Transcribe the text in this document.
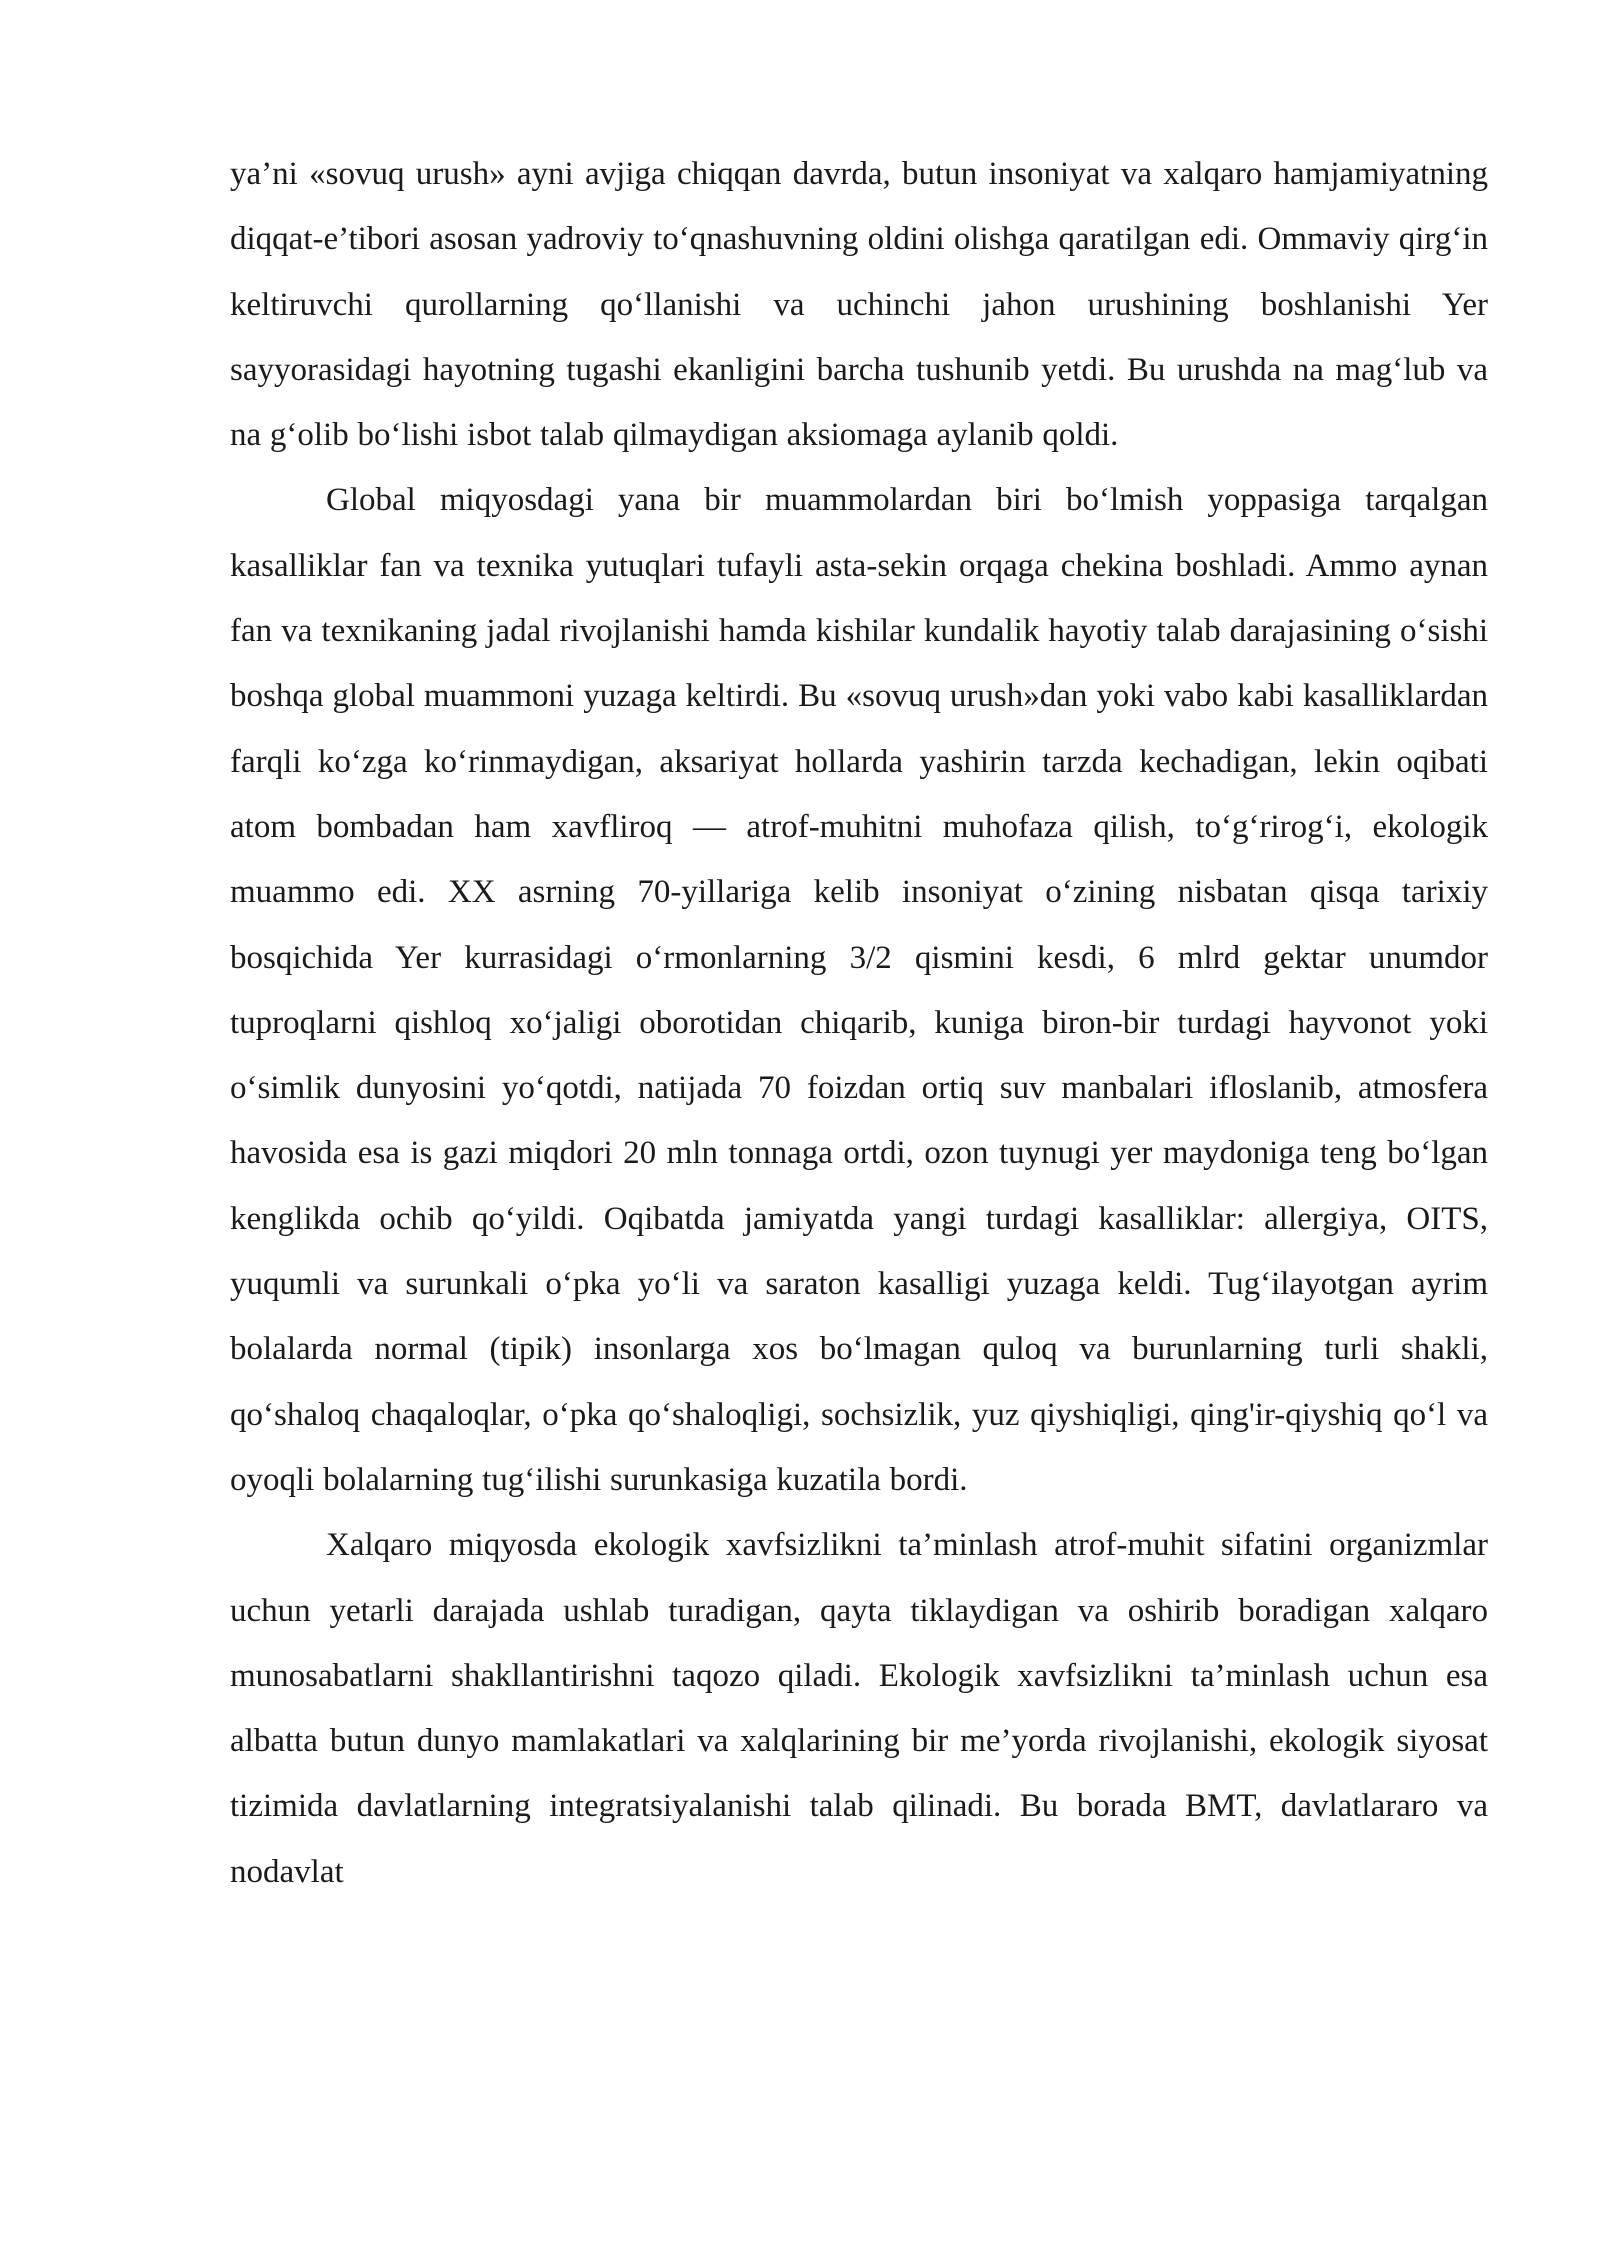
ya’ni «sovuq urush» ayni avjiga chiqqan davrda, butun insoniyat va xalqaro hamjamiyatning diqqat-e’tibori asosan yadroviy to‘qnashuvning oldini olishga qaratilgan edi. Ommaviy qirg‘in keltiruvchi qurollarning qo‘llanishi va uchinchi jahon urushining boshlanishi Yer sayyorasidagi hayotning tugashi ekanligini barcha tushunib yetdi. Bu urushda na mag‘lub va na g‘olib bo‘lishi isbot talab qilmaydigan aksiomaga aylanib qoldi.

Global miqyosdagi yana bir muammolardan biri bo‘lmish yoppasiga tarqalgan kasalliklar fan va texnika yutuqlari tufayli asta-sekin orqaga chekina boshladi. Ammo aynan fan va texnikaning jadal rivojlanishi hamda kishilar kundalik hayotiy talab darajasining o‘sishi boshqa global muammoni yuzaga keltirdi. Bu «sovuq urush»dan yoki vabo kabi kasalliklardan farqli ko‘zga ko‘rinmaydigan, aksariyat hollarda yashirin tarzda kechadigan, lekin oqibati atom bombadan ham xavfliroq — atrof-muhitni muhofaza qilish, to‘g‘rirog‘i, ekologik muammo edi. XX asrning 70-yillariga kelib insoniyat o‘zining nisbatan qisqa tarixiy bosqichida Yer kurrasidagi o‘rmonlarning 3/2 qismini kesdi, 6 mlrd gektar unumdor tuproqlarni qishloq xo‘jaligi oborotidan chiqarib, kuniga biron-bir turdagi hayvonot yoki o‘simlik dunyosini yo‘qotdi, natijada 70 foizdan ortiq suv manbalari ifloslanib, atmosfera havosida esa is gazi miqdori 20 mln tonnaga ortdi, ozon tuynugi yer maydoniga teng bo‘lgan kenglikda ochib qo‘yildi. Oqibatda jamiyatda yangi turdagi kasalliklar: allergiya, OITS, yuqumli va surunkali o‘pka yo‘li va saraton kasalligi yuzaga keldi. Tug‘ilayotgan ayrim bolalarda normal (tipik) insonlarga xos bo‘lmagan quloq va burunlarning turli shakli, qo‘shaloq chaqaloqlar, o‘pka qo‘shaloqligi, sochsizlik, yuz qiyshiqligi, qing'ir-qiyshiq qo‘l va oyoqli bolalarning tug‘ilishi surunkasiga kuzatila bordi.

Xalqaro miqyosda ekologik xavfsizlikni ta’minlash atrof-muhit sifatini organizmlar uchun yetarli darajada ushlab turadigan, qayta tiklaydigan va oshirib boradigan xalqaro munosabatlarni shakllantirishni taqozo qiladi. Ekologik xavfsizlikni ta’minlash uchun esa albatta butun dunyo mamlakatlari va xalqlarining bir me’yorda rivojlanishi, ekologik siyosat tizimida davlatlarning integratsiyalanishi talab qilinadi. Bu borada BMT, davlatlararo va nodavlat
